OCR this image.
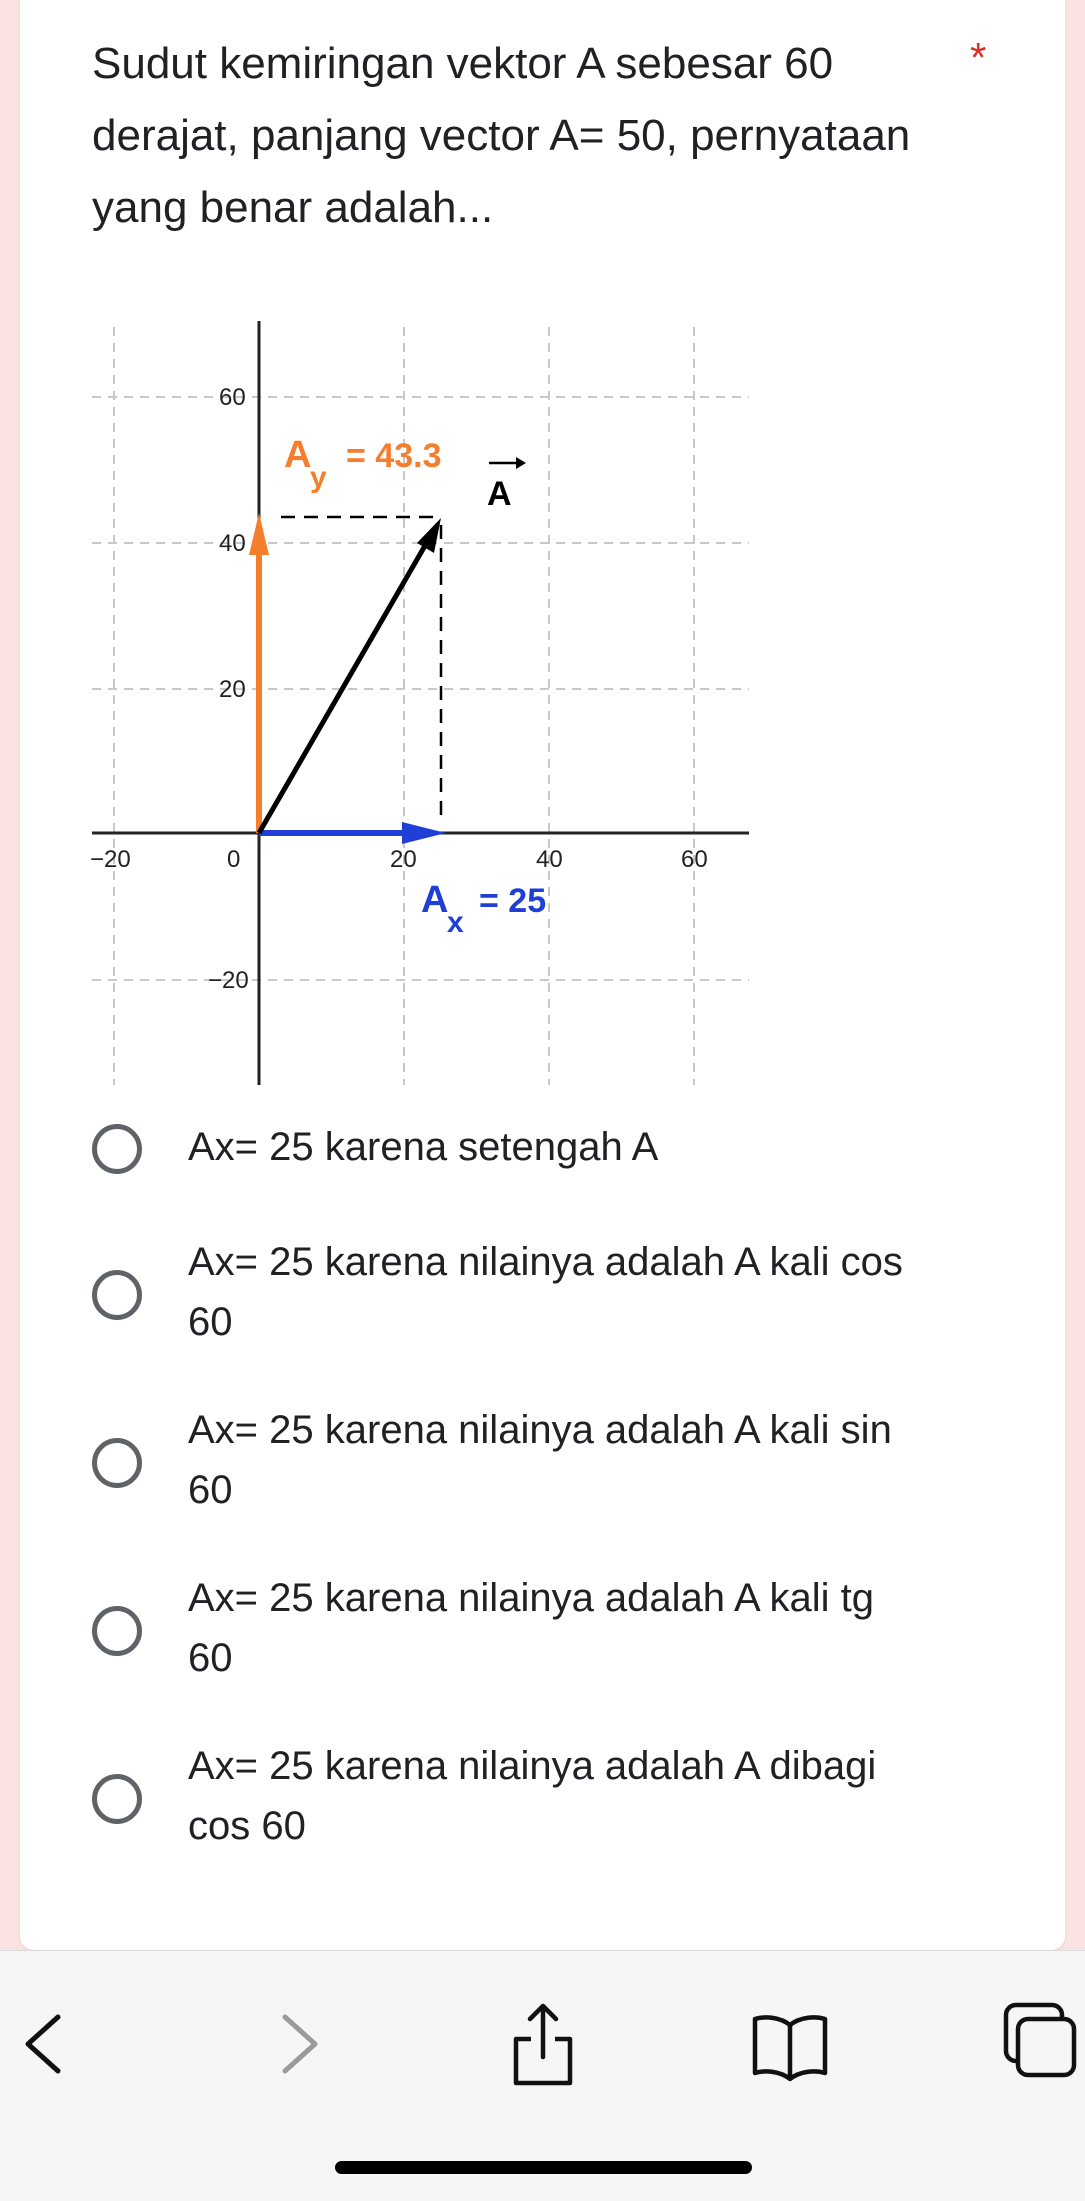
Sudut kemiringan vektor A sebesar 60 derajat, panjang vector A= 50, pernyataan yang benar adalah...
*
60
40
20
−20
−20	0	20	40	60
A
y
= 43.3
A
A
x
= 25
Ax= 25 karena setengah A

Ax= 25 karena nilainya adalah A kali cos
60
Ax= 25 karena nilainya adalah A kali sin
60
Ax= 25 karena nilainya adalah A kali tg
60
Ax= 25 karena nilainya adalah A dibagi
cos 60
